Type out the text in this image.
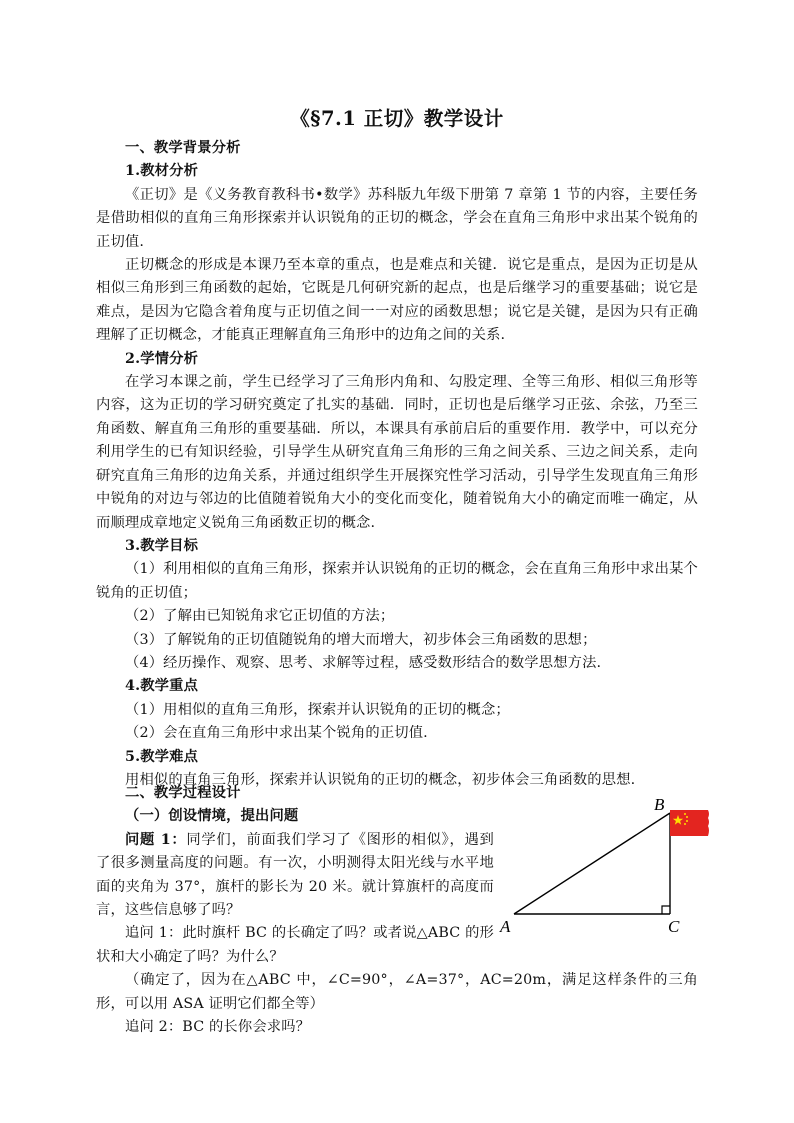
《§7.1 正切》教学设计

一、教学背景分析

1.教材分析

《正切》是《义务教育教科书•数学》苏科版九年级下册第 7 章第 1 节的内容，主要任务是借助相似的直角三角形探索并认识锐角的正切的概念，学会在直角三角形中求出某个锐角的正切值.

正切概念的形成是本课乃至本章的重点，也是难点和关键．说它是重点，是因为正切是从相似三角形到三角函数的起始，它既是几何研究新的起点，也是后继学习的重要基础；说它是难点，是因为它隐含着角度与正切值之间一一对应的函数思想；说它是关键，是因为只有正确理解了正切概念，才能真正理解直角三角形中的边角之间的关系.

2.学情分析

在学习本课之前，学生已经学习了三角形内角和、勾股定理、全等三角形、相似三角形等内容，这为正切的学习研究奠定了扎实的基础．同时，正切也是后继学习正弦、余弦，乃至三角函数、解直角三角形的重要基础．所以，本课具有承前启后的重要作用．教学中，可以充分利用学生的已有知识经验，引导学生从研究直角三角形的三角之间关系、三边之间关系，走向研究直角三角形的边角关系，并通过组织学生开展探究性学习活动，引导学生发现直角三角形中锐角的对边与邻边的比值随着锐角大小的变化而变化，随着锐角大小的确定而唯一确定，从而顺理成章地定义锐角三角函数正切的概念.

3.教学目标

（1）利用相似的直角三角形，探索并认识锐角的正切的概念，会在直角三角形中求出某个锐角的正切值；

（2）了解由已知锐角求它正切值的方法；

（3）了解锐角的正切值随锐角的增大而增大，初步体会三角函数的思想；

（4）经历操作、观察、思考、求解等过程，感受数形结合的数学思想方法.

4.教学重点

（1）用相似的直角三角形，探索并认识锐角的正切的概念；

（2）会在直角三角形中求出某个锐角的正切值.

5.教学难点

用相似的直角三角形，探索并认识锐角的正切的概念，初步体会三角函数的思想.

二、教学过程设计

（一）创设情境，提出问题

问题 1：同学们，前面我们学习了《图形的相似》，遇到了很多测量高度的问题。有一次，小明测得太阳光线与水平地面的夹角为 37°，旗杆的影长为 20 米。就计算旗杆的高度而言，这些信息够了吗？

追问 1：此时旗杆 BC 的长确定了吗？或者说△ABC 的形状和大小确定了吗？为什么？

（确定了，因为在△ABC 中，∠C=90°，∠A=37°，AC=20m，满足这样条件的三角形，可以用 ASA 证明它们都全等）

追问 2：BC 的长你会求吗？

A
B
C
